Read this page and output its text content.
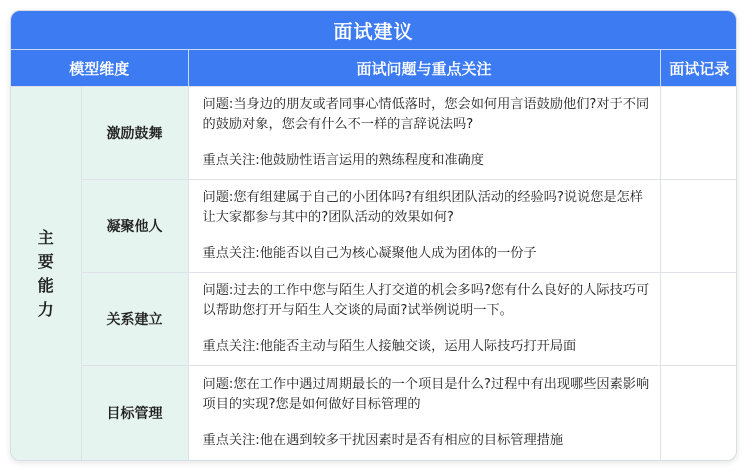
面试建议
模型维度		面试问题与重点关注	面试记录
主要能力	激励鼓舞	问题:当身边的朋友或者同事心情低落时，您会如何用言语鼓励他们?对于不同的鼓励对象，您会有什么不一样的言辞说法吗?

重点关注:他鼓励性语言运用的熟练程度和准确度	

	凝聚他人	问题:您有组建属于自己的小团体吗?有组织团队活动的经验吗?说说您是怎样让大家都参与其中的?团队活动的效果如何?

重点关注:他能否以自己为核心凝聚他人成为团体的一份子	

	关系建立	问题:过去的工作中您与陌生人打交道的机会多吗?您有什么良好的人际技巧可以帮助您打开与陌生人交谈的局面?试举例说明一下。

重点关注:他能否主动与陌生人接触交谈，运用人际技巧打开局面	

	目标管理	问题:您在工作中遇过周期最长的一个项目是什么?过程中有出现哪些因素影响项目的实现?您是如何做好目标管理的

重点关注:他在遇到较多干扰因素时是否有相应的目标管理措施	
